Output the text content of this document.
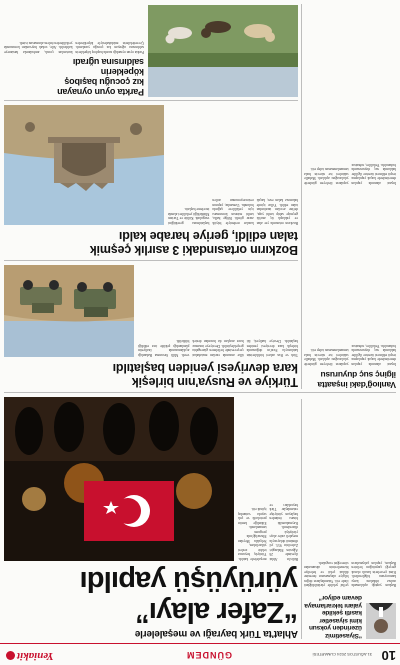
10
31 AĞUSTOS 2024 CUMARTESİ
GÜNDEM
Yeniakit
“Siyasetimiz üzerinden yoksun kimi siyasetler kasıtlı şekilde yalanı tekrarlamaya devam ediyor”
Başkan yaptığı açıklamada asılsız iddialara karşı kamuoyunu bilgilendirdi. Kimi çevrelerin kasıtlı olarak gerçeği çarpıttığını belirten Başkan, yapılan çalışmaların şeffaf şekilde yürütüldüğünü ifade etti. Vatandaşların doğru bilgiye ulaşmasının önemine dikkat çekti ve belediye hizmetlerinin aksamadan süreceğini vurguladı.
Ahlat'ta Türk bayrağı ve meşalelerle
“Zafer alayı”
yürüyüşü yapıldı
Bitlis'in Ahlat ilçesinde 26 Ağustos Malazgirt Zaferi'nin 953. yıl dönümü dolayısıyla meşaleli zafer alayı yürüyüşü düzenlendi. Kaymakamlık binası önünden başlayan yürüyüşe vatandaşlar Türk bayrakları ve meşalelerle katıldı. Yürüyüş boyunca tekbir sesleri yükselirken, Selçuklu Meydan Mezarlığı'nda program tamamlandı. Etkinliğe kentin protokolü ve çok sayıda vatandaş iştirak etti.
Vanlıoğ'daki inşaatta
ilginç suç duyurusu
İnşaat alanında yapılan denetimlerde kaçak yapılaşma tespit edilmesi üzerine ilgililer hakkında suç duyurusunda bulunuldu. Yetkililer, ruhsatsız yapıların ilerleyen günlerde yıkılacağını açıkladı. Mahalle sakinleri ise sürecin hızla tamamlanmasını talep etti.
Türkiye ve Rusya'nın birleşik
kara devriyesi yeniden başlatıldı
Türk ve Rus askeri birliklerinin katılımıyla Fırat'ın doğusunda birleşik kara devriyesi yeniden başlatıldı. Devriye faaliyeti, iki ülke arasında varılan mutabakat çerçevesinde belirlenen güzergahta gerçekleştirildi. Devriyeye insansız hava araçları da havadan destek verdi. Milli Savunma Bakanlığı açıklamasında faaliyetin planlandığı şekilde icra edildiği bildirildi.
Bozkırın ortasındaki 3 asırlık çeşmik
talan edildi, geriye harabe kaldı
Bozkırın ortasında yer alan ve yaklaşık üç asırlık geçmişe sahip tarihi yapı, define avcıları tarafından talan edildi. Yıllar içinde bakımsız kalan eser, kaçak kazılar nedeniyle büyük zarar gördü. Bölge halkı, tarihi mirasın korunması için yetkililere çağrıda bulundu. Uzmanlar, yapının restorasyonunun acilen başlatılması gerektiğini vurguladı. Kültür ve Turizm Müdürlüğü yetkilileri alanda inceleme başlattı.
Parkta oyun oynayan
kız çocuğu başıboş
köpeklerin
saldırısına uğradı
Parkta oyun oynadığı sırada başıboş köpeklerin saldırısına uğrayan kız çocuğu yaralandı. Çevredekilerin müdahalesiyle köpeklerden kurtarılan çocuk, ambulansla hastaneye kaldırıldı. Aile, sokak hayvanları konusunda yetkililerden önlem alınmasını istedi.
İnşaat alanında yapılan denetimlerde kaçak yapılaşma tespit edilmesi üzerine ilgililer hakkında suç duyurusunda bulunuldu. Yetkililer, ruhsatsız yapıların ilerleyen günlerde yıkılacağını açıkladı. Mahalle sakinleri ise sürecin hızla tamamlanmasını talep etti.
